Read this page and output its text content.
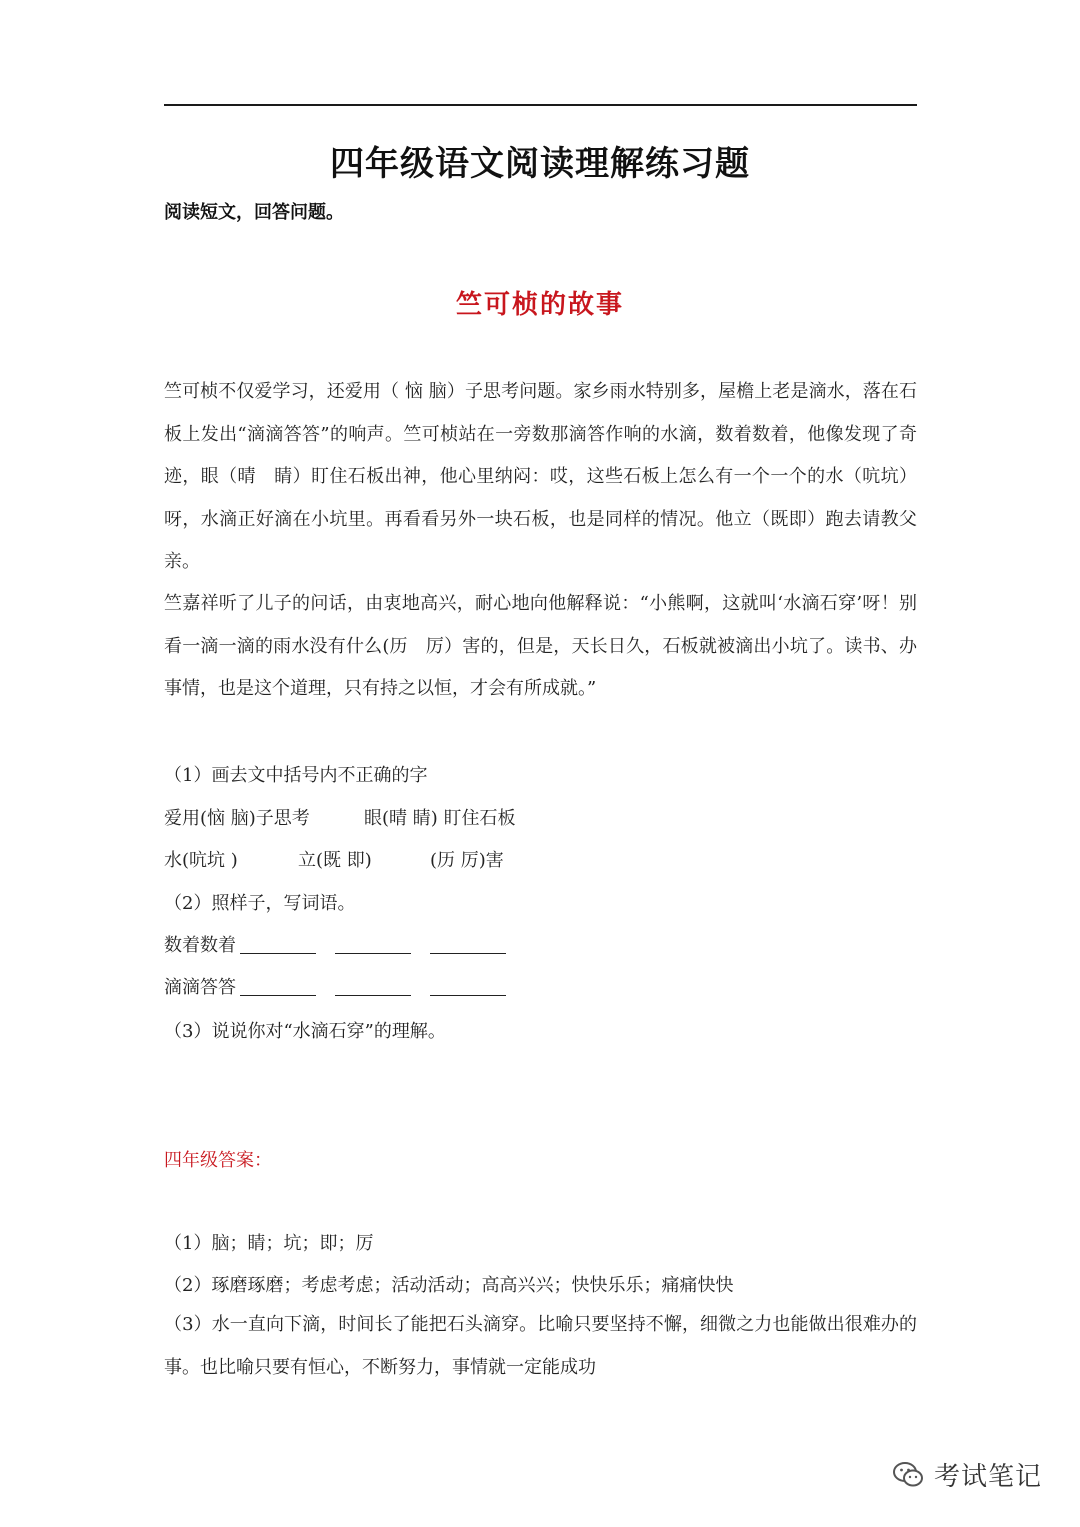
四年级语文阅读理解练习题
阅读短文，回答问题。
竺可桢的故事
竺可桢不仅爱学习，还爱用（ 恼 脑）子思考问题。家乡雨水特别多，屋檐上老是滴水，落在石板上发出“滴滴答答”的响声。竺可桢站在一旁数那滴答作响的水滴，数着数着，他像发现了奇迹，眼（晴　睛）盯住石板出神，他心里纳闷：哎，这些石板上怎么有一个一个的水（吭坑）呀，水滴正好滴在小坑里。再看看另外一块石板，也是同样的情况。他立（既即）跑去请教父亲。
竺嘉祥听了儿子的问话，由衷地高兴，耐心地向他解释说：“小熊啊，这就叫‘水滴石穿’呀！别看一滴一滴的雨水没有什么(历　厉）害的，但是，天长日久，石板就被滴出小坑了。读书、办事情，也是这个道理，只有持之以恒，才会有所成就。”
（1）画去文中括号内不正确的字
爱用(恼 脑)子思考	眼(晴 睛) 盯住石板
水(吭坑 )	立(既 即)	(历 厉)害
（2）照样子，写词语。
数着数着
滴滴答答
（3）说说你对“水滴石穿”的理解。
四年级答案：
（1）脑；睛；坑；即；厉
（2）琢磨琢磨；考虑考虑；活动活动；高高兴兴；快快乐乐；痛痛快快
（3）水一直向下滴，时间长了能把石头滴穿。比喻只要坚持不懈，细微之力也能做出很难办的事。也比喻只要有恒心，不断努力，事情就一定能成功
考试笔记
